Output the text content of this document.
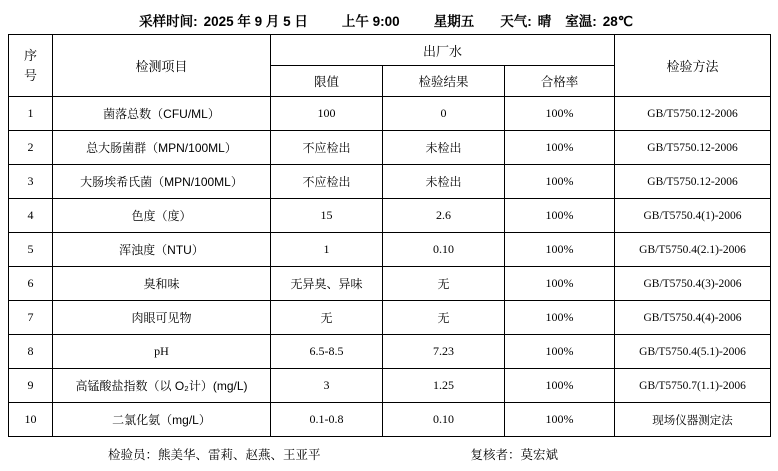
采样时间: 2025 年 9 月 5 日	上午 9:00	星期五 天气: 晴 室温: 28℃
序
号	检测项目	出厂水			检验方法
		限值	检验结果	合格率	
1	菌落总数（CFU/ML）	100	0	100%	GB/T5750.12-2006
2	总大肠菌群（MPN/100ML）	不应检出	未检出	100%	GB/T5750.12-2006
3	大肠埃希氏菌（MPN/100ML）	不应检出	未检出	100%	GB/T5750.12-2006
4	色度（度）	15	2.6	100%	GB/T5750.4(1)-2006
5	浑浊度（NTU）	1	0.10	100%	GB/T5750.4(2.1)-2006
6	臭和味	无异臭、异味	无	100%	GB/T5750.4(3)-2006
7	肉眼可见物	无	无	100%	GB/T5750.4(4)-2006
8	pH	6.5-8.5	7.23	100%	GB/T5750.4(5.1)-2006
9	高锰酸盐指数（以 O₂计）(mg/L)	3	1.25	100%	GB/T5750.7(1.1)-2006
10	二氯化氨（mg/L）	0.1-0.8	0.10	100%	现场仪器测定法
检验员：熊美华、雷莉、赵燕、王亚平	复核者：莫宏斌
